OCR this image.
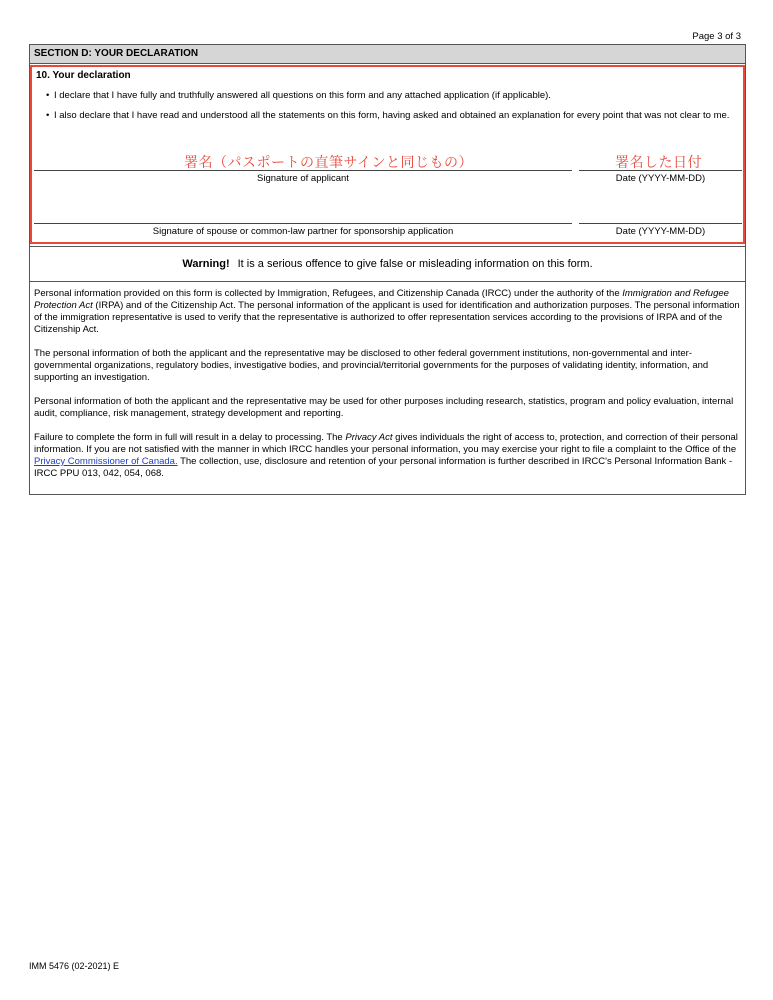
Page 3 of 3
SECTION D: YOUR DECLARATION
10. Your declaration
• I declare that I have fully and truthfully answered all questions on this form and any attached application (if applicable).
• I also declare that I have read and understood all the statements on this form, having asked and obtained an explanation for every point that was not clear to me.
署名（パスポートの直筆サインと同じもの）	署名した日付
Signature of applicant	Date (YYYY-MM-DD)
Signature of spouse or common-law partner for sponsorship application	Date (YYYY-MM-DD)
Warning! It is a serious offence to give false or misleading information on this form.

Personal information provided on this form is collected by Immigration, Refugees, and Citizenship Canada (IRCC) under the authority of the Immigration and Refugee Protection Act (IRPA) and of the Citizenship Act. The personal information of the applicant is used for identification and authorization purposes. The personal information of the immigration representative is used to verify that the representative is authorized to offer representation services according to the provisions of IRPA and of the Citizenship Act.

The personal information of both the applicant and the representative may be disclosed to other federal government institutions, non-governmental and inter-governmental organizations, regulatory bodies, investigative bodies, and provincial/territorial governments for the purposes of validating identity, information, and supporting an investigation.

Personal information of both the applicant and the representative may be used for other purposes including research, statistics, program and policy evaluation, internal audit, compliance, risk management, strategy development and reporting.

Failure to complete the form in full will result in a delay to processing. The Privacy Act gives individuals the right of access to, protection, and correction of their personal information. If you are not satisfied with the manner in which IRCC handles your personal information, you may exercise your right to file a complaint to the Office of the Privacy Commissioner of Canada. The collection, use, disclosure and retention of your personal information is further described in IRCC's Personal Information Bank - IRCC PPU 013, 042, 054, 068.

IMM 5476 (02-2021) E
